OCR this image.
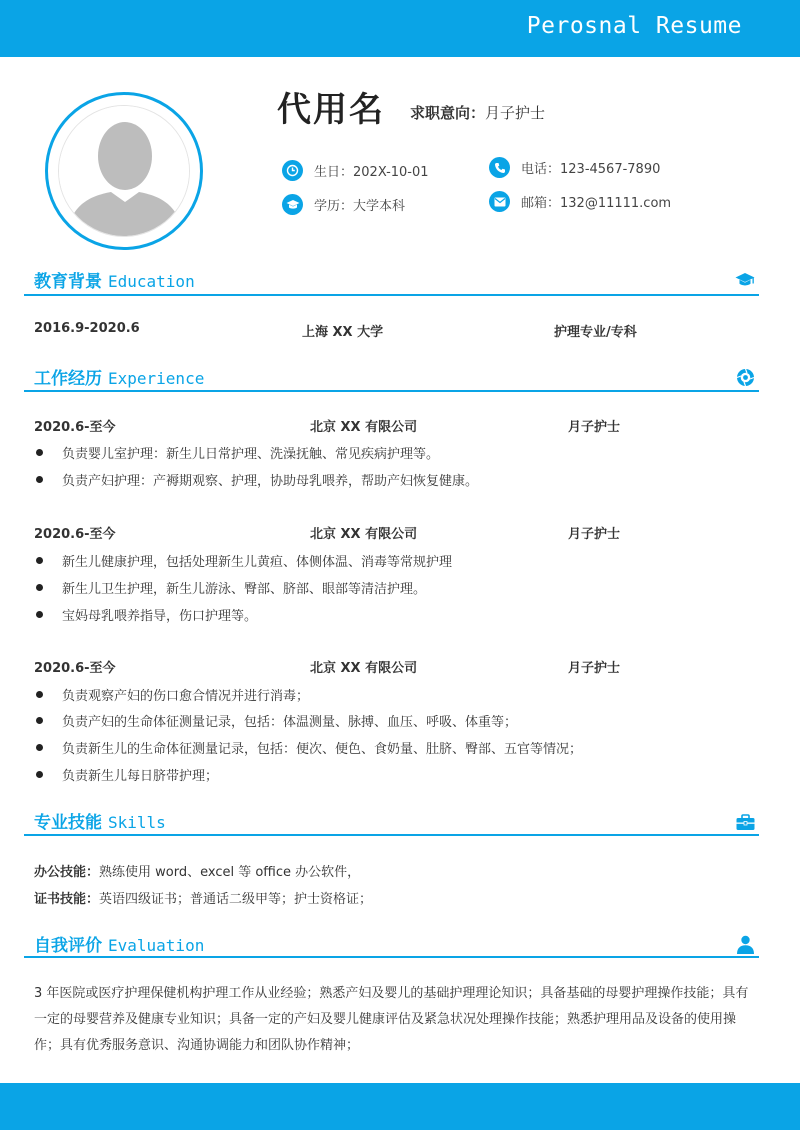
Perosnal Resume
代用名 求职意向：月子护士
生日：202X-10-01
学历：大学本科
电话：123-4567-7890
邮箱：132@11111.com
教育背景 Education
2016.9-2020.6	上海 XX 大学	护理专业/专科
工作经历 Experience
2020.6-至今	北京 XX 有限公司	月子护士
负责婴儿室护理：新生儿日常护理、洗澡抚触、常见疾病护理等。
负责产妇护理：产褥期观察、护理，协助母乳喂养，帮助产妇恢复健康。
2020.6-至今	北京 XX 有限公司	月子护士
新生儿健康护理，包括处理新生儿黄疸、体侧体温、消毒等常规护理
新生儿卫生护理，新生儿游泳、臀部、脐部、眼部等清洁护理。
宝妈母乳喂养指导，伤口护理等。
2020.6-至今	北京 XX 有限公司	月子护士
负责观察产妇的伤口愈合情况并进行消毒；
负责产妇的生命体征测量记录，包括：体温测量、脉搏、血压、呼吸、体重等；
负责新生儿的生命体征测量记录，包括：便次、便色、食奶量、肚脐、臀部、五官等情况；
负责新生儿每日脐带护理；
专业技能 Skills
办公技能：熟练使用 word、excel 等 office 办公软件，
证书技能：英语四级证书；普通话二级甲等；护士资格证；
自我评价 Evaluation
3 年医院或医疗护理保健机构护理工作从业经验；熟悉产妇及婴儿的基础护理理论知识；具备基础的母婴护理操作技能；具有一定的母婴营养及健康专业知识；具备一定的产妇及婴儿健康评估及紧急状况处理操作技能；熟悉护理用品及设备的使用操作；具有优秀服务意识、沟通协调能力和团队协作精神；
